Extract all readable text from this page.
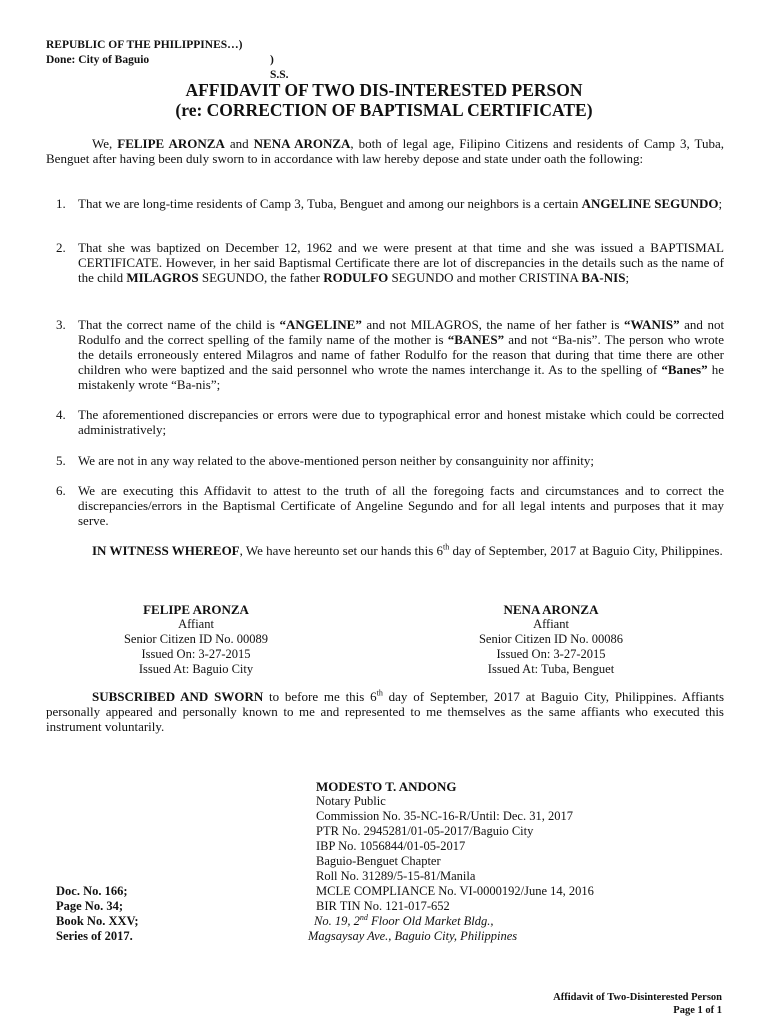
REPUBLIC OF THE PHILIPPINES…)
Done: City of Baguio	) S.S.
AFFIDAVIT OF TWO DIS-INTERESTED PERSON
(re: CORRECTION OF BAPTISMAL CERTIFICATE)
We, FELIPE ARONZA and NENA ARONZA, both of legal age, Filipino Citizens and residents of Camp 3, Tuba, Benguet after having been duly sworn to in accordance with law hereby depose and state under oath the following:
1. That we are long-time residents of Camp 3, Tuba, Benguet and among our neighbors is a certain ANGELINE SEGUNDO;
2. That she was baptized on December 12, 1962 and we were present at that time and she was issued a BAPTISMAL CERTIFICATE. However, in her said Baptismal Certificate there are lot of discrepancies in the details such as the name of the child MILAGROS SEGUNDO, the father RODULFO SEGUNDO and mother CRISTINA BA-NIS;
3. That the correct name of the child is “ANGELINE” and not MILAGROS, the name of her father is “WANIS” and not Rodulfo and the correct spelling of the family name of the mother is “BANES” and not “Ba-nis”. The person who wrote the details erroneously entered Milagros and name of father Rodulfo for the reason that during that time there are other children who were baptized and the said personnel who wrote the names interchange it. As to the spelling of “Banes” he mistakenly wrote “Ba-nis”;
4. The aforementioned discrepancies or errors were due to typographical error and honest mistake which could be corrected administratively;
5. We are not in any way related to the above-mentioned person neither by consanguinity nor affinity;
6. We are executing this Affidavit to attest to the truth of all the foregoing facts and circumstances and to correct the discrepancies/errors in the Baptismal Certificate of Angeline Segundo and for all legal intents and purposes that it may serve.
IN WITNESS WHEREOF, We have hereunto set our hands this 6th day of September, 2017 at Baguio City, Philippines.
FELIPE ARONZA
Affiant
Senior Citizen ID No. 00089
Issued On: 3-27-2015
Issued At: Baguio City
NENA ARONZA
Affiant
Senior Citizen ID No. 00086
Issued On: 3-27-2015
Issued At: Tuba, Benguet
SUBSCRIBED AND SWORN to before me this 6th day of September, 2017 at Baguio City, Philippines. Affiants personally appeared and personally known to me and represented to me themselves as the same affiants who executed this instrument voluntarily.
MODESTO T. ANDONG
Notary Public
Commission No. 35-NC-16-R/Until: Dec. 31, 2017
PTR No. 2945281/01-05-2017/Baguio City
IBP No. 1056844/01-05-2017
Baguio-Benguet Chapter
Roll No. 31289/5-15-81/Manila
MCLE COMPLIANCE No. VI-0000192/June 14, 2016
BIR TIN No. 121-017-652
No. 19, 2nd Floor Old Market Bldg.,
Magsaysay Ave., Baguio City, Philippines
Doc. No. 166;
Page No. 34;
Book No. XXV;
Series of 2017.
Affidavit of Two-Disinterested Person
Page 1 of 1
